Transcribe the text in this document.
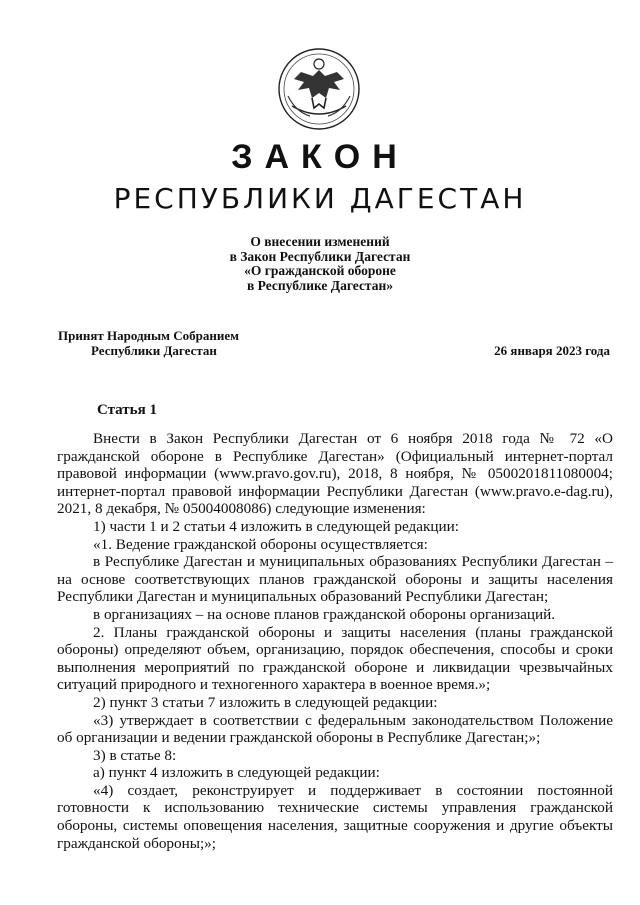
ЗАКОН
РЕСПУБЛИКИ ДАГЕСТАН
О внесении изменений
в Закон Республики Дагестан
«О гражданской обороне
в Республике Дагестан»
Принят Народным Собранием
Республики Дагестан	26 января 2023 года
Статья 1

Внести в Закон Республики Дагестан от 6 ноября 2018 года № 72 «О гражданской обороне в Республике Дагестан» (Официальный интернет-портал правовой информации (www.pravo.gov.ru), 2018, 8 ноября, № 0500201811080004; интернет-портал правовой информации Республики Дагестан (www.pravo.e-dag.ru), 2021, 8 декабря, № 05004008086) следующие изменения:

1) части 1 и 2 статьи 4 изложить в следующей редакции:

«1. Ведение гражданской обороны осуществляется:

в Республике Дагестан и муниципальных образованиях Республики Дагестан – на основе соответствующих планов гражданской обороны и защиты населения Республики Дагестан и муниципальных образований Республики Дагестан;

в организациях – на основе планов гражданской обороны организаций.

2. Планы гражданской обороны и защиты населения (планы гражданской обороны) определяют объем, организацию, порядок обеспечения, способы и сроки выполнения мероприятий по гражданской обороне и ликвидации чрезвычайных ситуаций природного и техногенного характера в военное время.»;

2) пункт 3 статьи 7 изложить в следующей редакции:

«3) утверждает в соответствии с федеральным законодательством Положение об организации и ведении гражданской обороны в Республике Дагестан;»;

3) в статье 8:

а) пункт 4 изложить в следующей редакции:

«4) создает, реконструирует и поддерживает в состоянии постоянной готовности к использованию технические системы управления гражданской обороны, системы оповещения населения, защитные сооружения и другие объекты гражданской обороны;»;
